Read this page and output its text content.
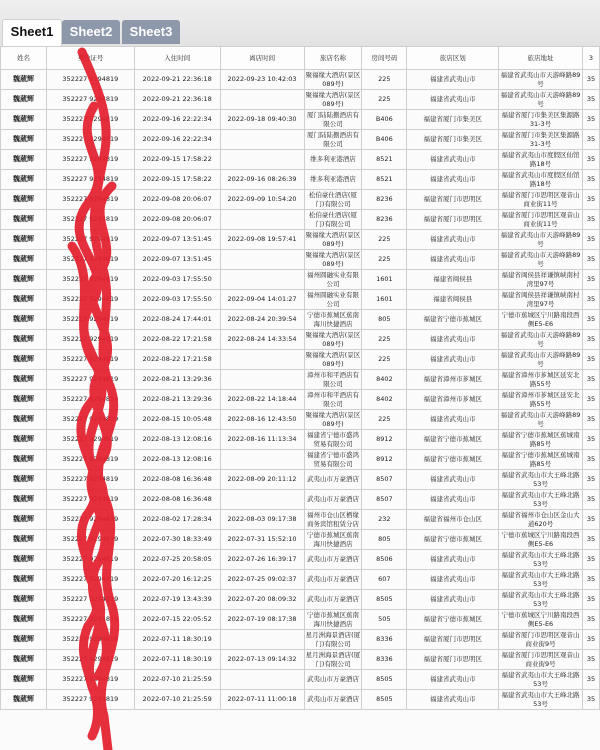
Sheet1	Sheet2	Sheet3
姓名	身份证号	入住时间	离店时间	旅店名称	房间号码	旅店区划	旅店地址	3
魏葳辉	352227 9294819	2022-09-21 22:36:18	2022-09-23 10:42:03	聚福缘大酒店(景区089号)	225	福建省武夷山市	福建省武夷山市天游峰路89号	35
魏葳辉	352227 9294819	2022-09-21 22:36:18		聚福缘大酒店(景区089号)	225	福建省武夷山市	福建省武夷山市天游峰路89号	35
魏葳辉	352227 9294819	2022-09-16 22:22:34	2022-09-18 09:40:30	厦门陆陆捌酒店有限公司	B406	福建省厦门市集美区	福建省厦门市集美区集源路31-3号	35
魏葳辉	352227 9294819	2022-09-16 22:22:34		厦门陆陆捌酒店有限公司	B406	福建省厦门市集美区	福建省厦门市集美区集源路31-3号	35
魏葳辉	352227 9294819	2022-09-15 17:58:22		维多利亚港酒店	8521	福建省武夷山市	福建省武夷山市度假区仙馆路18号	35
魏葳辉	352227 9294819	2022-09-15 17:58:22	2022-09-16 08:26:39	维多利亚港酒店	8521	福建省武夷山市	福建省武夷山市度假区仙馆路18号	35
魏葳辉	352227 9294819	2022-09-08 20:06:07	2022-09-09 10:54:20	松伯豪仕酒店(厦门)有限公司	8236	福建省厦门市思明区	福建省厦门市思明区观音山商业街11号	35
魏葳辉	352227 9294819	2022-09-08 20:06:07		松伯豪仕酒店(厦门)有限公司	8236	福建省厦门市思明区	福建省厦门市思明区观音山商业街11号	35
魏葳辉	352227 9294819	2022-09-07 13:51:45	2022-09-08 19:57:41	聚福缘大酒店(景区089号)	225	福建省武夷山市	福建省武夷山市天游峰路89号	35
魏葳辉	352227 9294819	2022-09-07 13:51:45		聚福缘大酒店(景区089号)	225	福建省武夷山市	福建省武夷山市天游峰路89号	35
魏葳辉	352227 9294819	2022-09-03 17:55:50		福州圆融实业有限公司	1601	福建省闽侯县	福建省闽侯县祥谦镇峡南村湾里97号	35
魏葳辉	352227 9294819	2022-09-03 17:55:50	2022-09-04 14:01:27	福州圆融实业有限公司	1601	福建省闽侯县	福建省闽侯县祥谦镇峡南村湾里97号	35
魏葳辉	352227 9294819	2022-08-24 17:44:01	2022-08-24 20:39:54	宁德市蕉城区蕉南海川快捷酒店	805	福建省宁德市蕉城区	宁德市蕉城区宁川路南段西侧E5-E6	35
魏葳辉	352227 9294819	2022-08-22 17:21:58	2022-08-24 14:33:54	聚福缘大酒店(景区089号)	225	福建省武夷山市	福建省武夷山市天游峰路89号	35
魏葳辉	352227 9294819	2022-08-22 17:21:58		聚福缘大酒店(景区089号)	225	福建省武夷山市	福建省武夷山市天游峰路89号	35
魏葳辉	352227 9294819	2022-08-21 13:29:36		漳州市和平酒店有限公司	8402	福建省漳州市芗城区	福建省漳州市芗城区延安北路55号	35
魏葳辉	352227 9294819	2022-08-21 13:29:36	2022-08-22 14:18:44	漳州市和平酒店有限公司	8402	福建省漳州市芗城区	福建省漳州市芗城区延安北路55号	35
魏葳辉	352227 9294819	2022-08-15 10:05:48	2022-08-16 12:43:50	聚福缘大酒店(景区089号)	225	福建省武夷山市	福建省武夷山市天游峰路89号	35
魏葳辉	352227 9294819	2022-08-13 12:08:16	2022-08-16 11:13:34	福建省宁德市盛鸿贸易有限公司	8912	福建省宁德市蕉城区	福建省宁德市蕉城区蕉城南路85号	35
魏葳辉	352227 9294819	2022-08-13 12:08:16		福建省宁德市盛鸿贸易有限公司	8912	福建省宁德市蕉城区	福建省宁德市蕉城区蕉城南路85号	35
魏葳辉	352227 9294819	2022-08-08 16:36:48	2022-08-09 20:11:12	武夷山市万豪酒店	8507	福建省武夷山市	福建省武夷山市大王峰北路53号	35
魏葳辉	352227 9294819	2022-08-08 16:36:48		武夷山市万豪酒店	8507	福建省武夷山市	福建省武夷山市大王峰北路53号	35
魏葳辉	352227 9294819	2022-08-02 17:28:34	2022-08-03 09:17:38	福州市仓山区栖缘商务宾馆租赁分店	232	福建省福州市仓山区	福建省福州市仓山区金山大道620号	35
魏葳辉	352227 9294819	2022-07-30 18:33:49	2022-07-31 15:52:10	宁德市蕉城区蕉南海川快捷酒店	805	福建省宁德市蕉城区	宁德市蕉城区宁川路南段西侧E5-E6	35
魏葳辉	352227 9294819	2022-07-25 20:58:05	2022-07-26 16:39:17	武夷山市万豪酒店	8506	福建省武夷山市	福建省武夷山市大王峰北路53号	35
魏葳辉	352227 9294819	2022-07-20 16:12:25	2022-07-25 09:02:37	武夷山市万豪酒店	607	福建省武夷山市	福建省武夷山市大王峰北路53号	35
魏葳辉	352227 9294819	2022-07-19 13:43:39	2022-07-20 08:09:32	武夷山市万豪酒店	8505	福建省武夷山市	福建省武夷山市大王峰北路53号	35
魏葳辉	352227 9294819	2022-07-15 22:05:52	2022-07-19 08:17:38	宁德市蕉城区蕉南海川快捷酒店	505	福建省宁德市蕉城区	宁德市蕉城区宁川路南段西侧E5-E6	35
魏葳辉	352227 9294819	2022-07-11 18:30:19		星月洲海景酒店(厦门)有限公司	8336	福建省厦门市思明区	福建省厦门市思明区观音山商业街9号	35
魏葳辉	352227 9294819	2022-07-11 18:30:19	2022-07-13 09:14:32	星月洲海景酒店(厦门)有限公司	8336	福建省厦门市思明区	福建省厦门市思明区观音山商业街9号	35
魏葳辉	352227 9294819	2022-07-10 21:25:59		武夷山市万豪酒店	8505	福建省武夷山市	福建省武夷山市大王峰北路53号	35
魏葳辉	352227 9294819	2022-07-10 21:25:59	2022-07-11 11:00:18	武夷山市万豪酒店	8505	福建省武夷山市	福建省武夷山市大王峰北路53号	35
